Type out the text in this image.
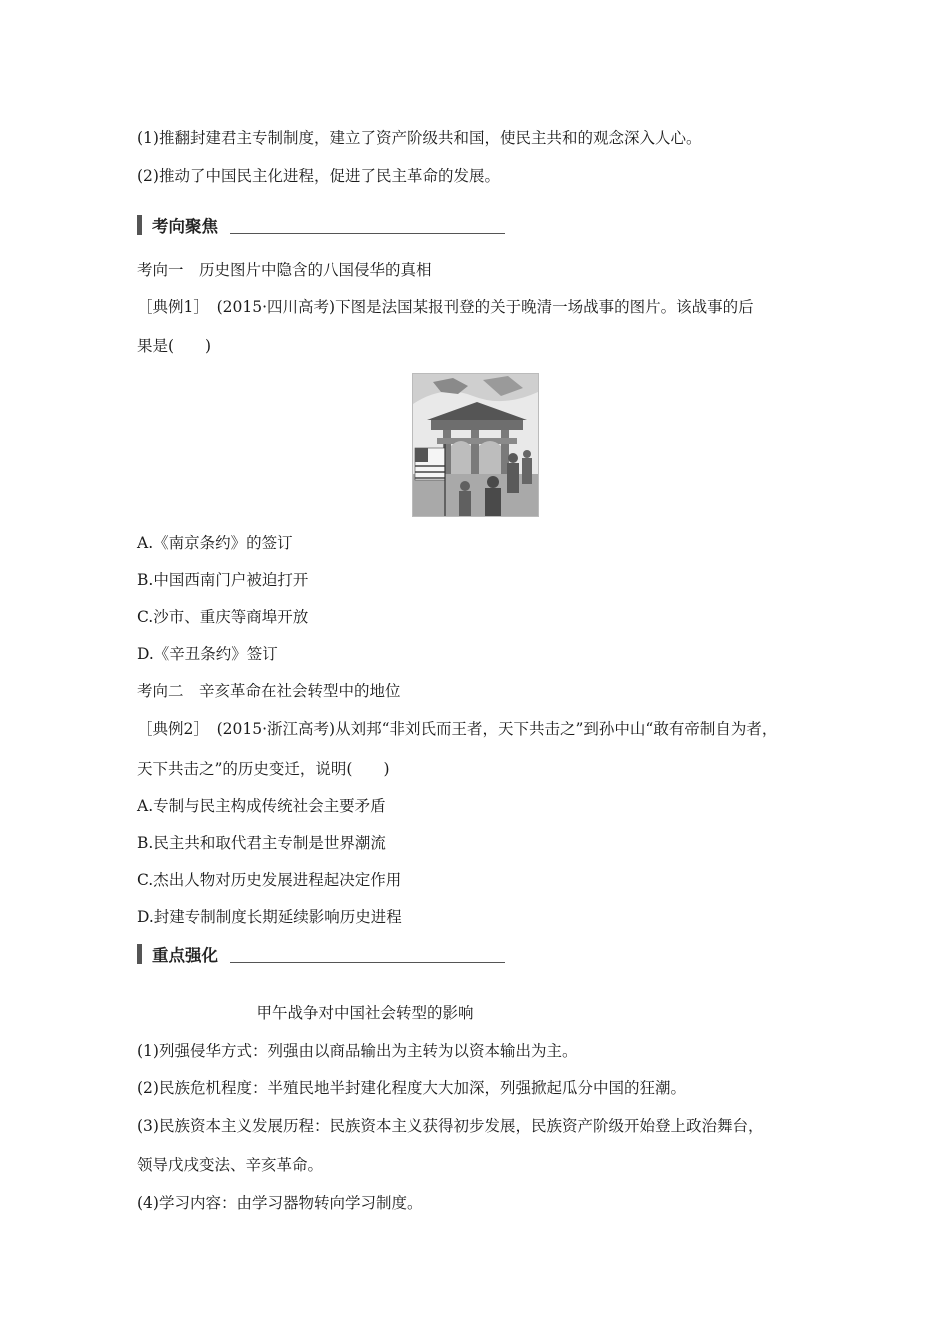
(1)推翻封建君主专制制度，建立了资产阶级共和国，使民主共和的观念深入人心。
(2)推动了中国民主化进程，促进了民主革命的发展。
考向聚焦
考向一　历史图片中隐含的八国侵华的真相
［典例1］　(2015·四川高考)下图是法国某报刊登的关于晚清一场战事的图片。该战事的后
果是(　　)
A.《南京条约》的签订
B.中国西南门户被迫打开
C.沙市、重庆等商埠开放
D.《辛丑条约》签订
考向二　辛亥革命在社会转型中的地位
［典例2］　(2015·浙江高考)从刘邦“非刘氏而王者，天下共击之”到孙中山“敢有帝制自为者，
天下共击之”的历史变迁，说明(　　)
A.专制与民主构成传统社会主要矛盾
B.民主共和取代君主专制是世界潮流
C.杰出人物对历史发展进程起决定作用
D.封建专制制度长期延续影响历史进程
重点强化
甲午战争对中国社会转型的影响
(1)列强侵华方式：列强由以商品输出为主转为以资本输出为主。
(2)民族危机程度：半殖民地半封建化程度大大加深，列强掀起瓜分中国的狂潮。
(3)民族资本主义发展历程：民族资本主义获得初步发展，民族资产阶级开始登上政治舞台，
领导戊戌变法、辛亥革命。
(4)学习内容：由学习器物转向学习制度。
